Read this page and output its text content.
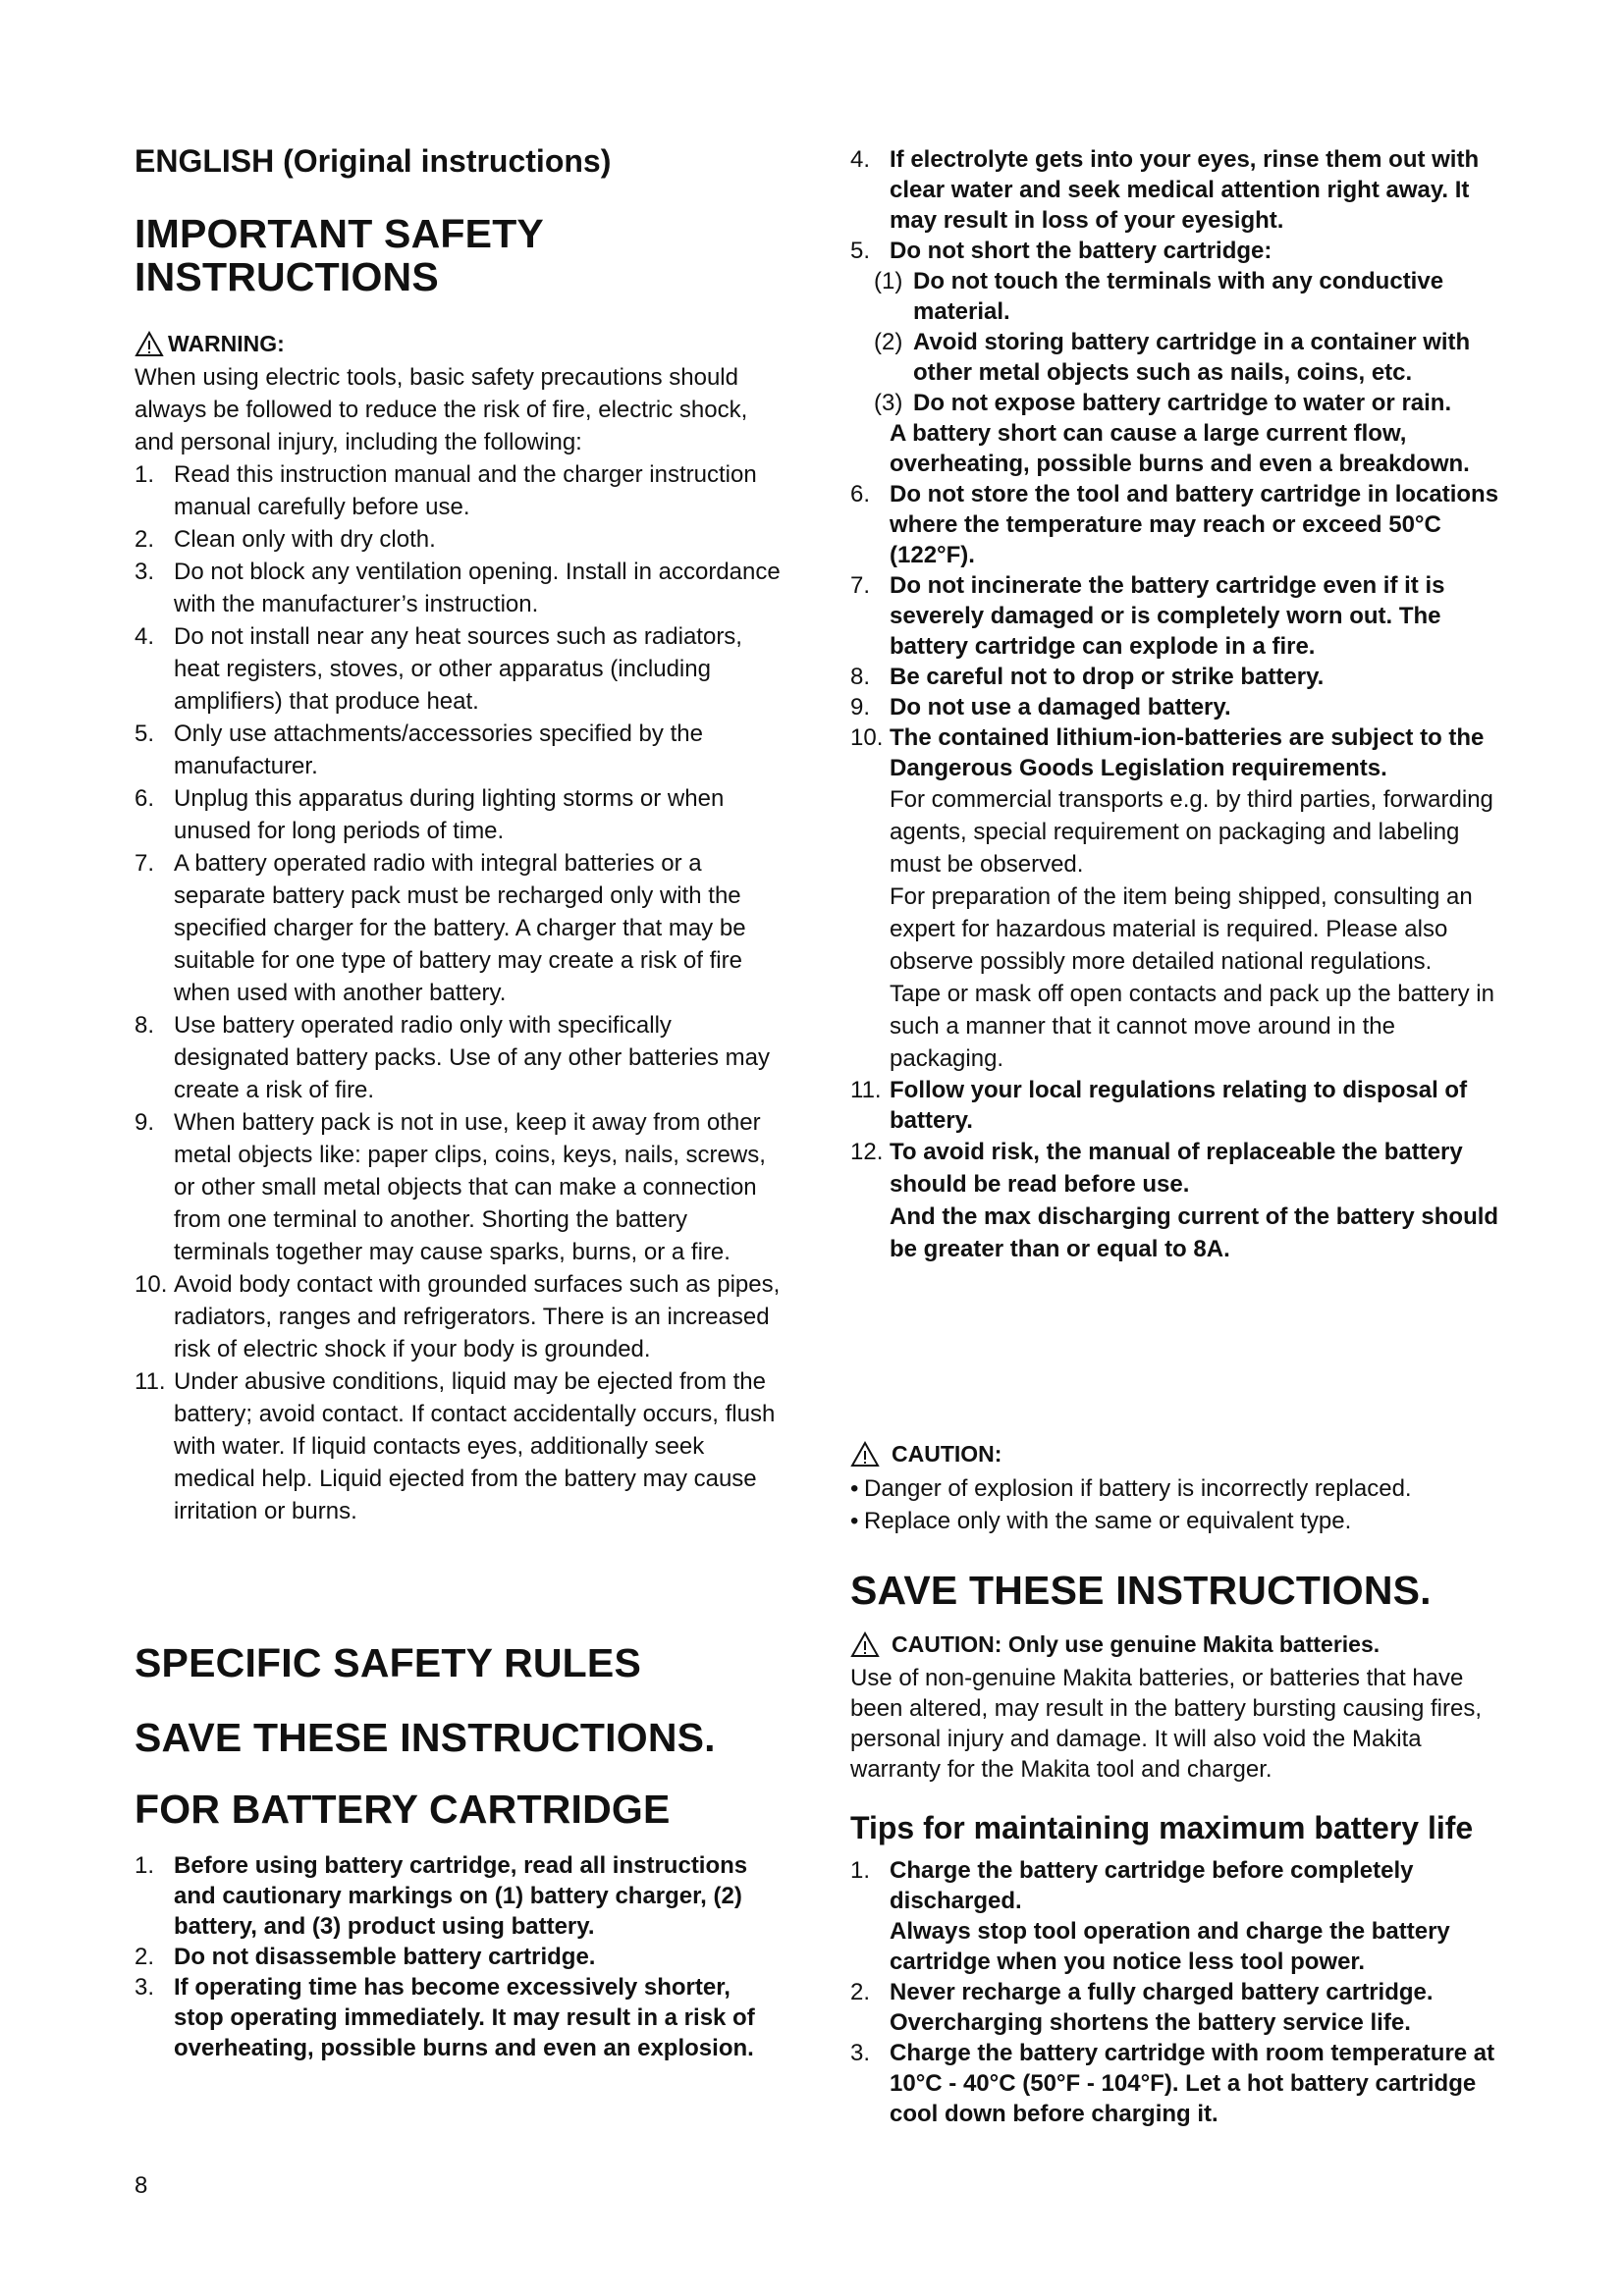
ENGLISH (Original instructions)
IMPORTANT SAFETY
INSTRUCTIONS
WARNING:

When using electric tools, basic safety precautions should always be followed to reduce the risk of fire, electric shock, and personal injury, including the following:

1. Read this instruction manual and the charger instruction manual carefully before use.
2. Clean only with dry cloth.
3. Do not block any ventilation opening. Install in accordance with the manufacturer’s instruction.
4. Do not install near any heat sources such as radiators, heat registers, stoves, or other apparatus (including amplifiers) that produce heat.
5. Only use attachments/accessories specified by the manufacturer.
6. Unplug this apparatus during lighting storms or when unused for long periods of time.
7. A battery operated radio with integral batteries or a separate battery pack must be recharged only with the specified charger for the battery. A charger that may be suitable for one type of battery may create a risk of fire when used with another battery.
8. Use battery operated radio only with specifically designated battery packs. Use of any other batteries may create a risk of fire.
9. When battery pack is not in use, keep it away from other metal objects like: paper clips, coins, keys, nails, screws, or other small metal objects that can make a connection from one terminal to another. Shorting the battery terminals together may cause sparks, burns, or a fire.
10. Avoid body contact with grounded surfaces such as pipes, radiators, ranges and refrigerators. There is an increased risk of electric shock if your body is grounded.
11. Under abusive conditions, liquid may be ejected from the battery; avoid contact. If contact accidentally occurs, flush with water. If liquid contacts eyes, additionally seek medical help. Liquid ejected from the battery may cause irritation or burns.
SPECIFIC SAFETY RULES
SAVE THESE INSTRUCTIONS.
FOR BATTERY CARTRIDGE
1. Before using battery cartridge, read all instructions and cautionary markings on (1) battery charger, (2) battery, and (3) product using battery.
2. Do not disassemble battery cartridge.
3. If operating time has become excessively shorter, stop operating immediately. It may result in a risk of overheating, possible burns and even an explosion.
8
4. If electrolyte gets into your eyes, rinse them out with clear water and seek medical attention right away. It may result in loss of your eyesight.
5. Do not short the battery cartridge:
(1) Do not touch the terminals with any conductive material.
(2) Avoid storing battery cartridge in a container with other metal objects such as nails, coins, etc.
(3) Do not expose battery cartridge to water or rain.
A battery short can cause a large current flow, overheating, possible burns and even a breakdown.
6. Do not store the tool and battery cartridge in locations where the temperature may reach or exceed 50°C (122°F).
7. Do not incinerate the battery cartridge even if it is severely damaged or is completely worn out. The battery cartridge can explode in a fire.
8. Be careful not to drop or strike battery.
9. Do not use a damaged battery.
10. The contained lithium-ion-batteries are subject to the Dangerous Goods Legislation requirements.
For commercial transports e.g. by third parties, forwarding agents, special requirement on packaging and labeling must be observed.
For preparation of the item being shipped, consulting an expert for hazardous material is required. Please also observe possibly more detailed national regulations.
Tape or mask off open contacts and pack up the battery in such a manner that it cannot move around in the packaging.
11. Follow your local regulations relating to disposal of battery.
12. To avoid risk, the manual of replaceable the battery should be read before use.
And the max discharging current of the battery should be greater than or equal to 8A.
CAUTION:
• Danger of explosion if battery is incorrectly replaced.
• Replace only with the same or equivalent type.
SAVE THESE INSTRUCTIONS.
CAUTION: Only use genuine Makita batteries.
Use of non-genuine Makita batteries, or batteries that have been altered, may result in the battery bursting causing fires, personal injury and damage. It will also void the Makita warranty for the Makita tool and charger.
Tips for maintaining maximum battery life
1. Charge the battery cartridge before completely discharged.
Always stop tool operation and charge the battery cartridge when you notice less tool power.
2. Never recharge a fully charged battery cartridge.
Overcharging shortens the battery service life.
3. Charge the battery cartridge with room temperature at 10°C - 40°C (50°F - 104°F). Let a hot battery cartridge cool down before charging it.
